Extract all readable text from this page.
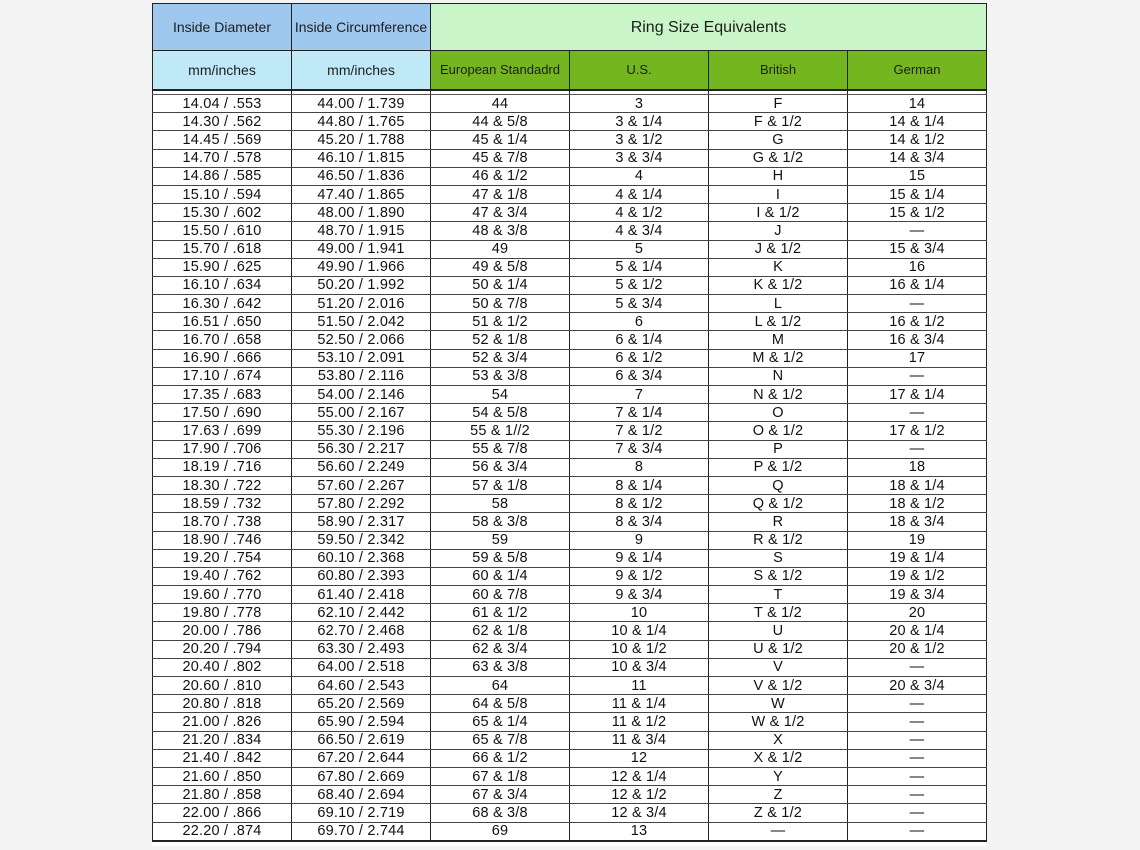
Inside Diameter	Inside Circumference	Ring Size Equivalents			
mm/inches	mm/inches	European Standadrd	U.S.	British	German

14.04 / .553	44.00 / 1.739	44	3	F	14
14.30 / .562	44.80 / 1.765	44 & 5/8	3 & 1/4	F & 1/2	14 & 1/4
14.45 / .569	45.20 / 1.788	45 & 1/4	3 & 1/2	G	14 & 1/2
14.70 / .578	46.10 / 1.815	45 & 7/8	3 & 3/4	G & 1/2	14 & 3/4
14.86 / .585	46.50 / 1.836	46 & 1/2	4	H	15
15.10 / .594	47.40 / 1.865	47 & 1/8	4 & 1/4	I	15 & 1/4
15.30 / .602	48.00 / 1.890	47 & 3/4	4 & 1/2	I & 1/2	15 & 1/2
15.50 / .610	48.70 / 1.915	48 & 3/8	4 & 3/4	J	—
15.70 / .618	49.00 / 1.941	49	5	J & 1/2	15 & 3/4
15.90 / .625	49.90 / 1.966	49 & 5/8	5 & 1/4	K	16
16.10 / .634	50.20 / 1.992	50 & 1/4	5 & 1/2	K & 1/2	16 & 1/4
16.30 / .642	51.20 / 2.016	50 & 7/8	5 & 3/4	L	—
16.51 / .650	51.50 / 2.042	51 & 1/2	6	L & 1/2	16 & 1/2
16.70 / .658	52.50 / 2.066	52 & 1/8	6 & 1/4	M	16 & 3/4
16.90 / .666	53.10 / 2.091	52 & 3/4	6 & 1/2	M & 1/2	17
17.10 / .674	53.80 / 2.116	53 & 3/8	6 & 3/4	N	—
17.35 / .683	54.00 / 2.146	54	7	N & 1/2	17 & 1/4
17.50 / .690	55.00 / 2.167	54 & 5/8	7 & 1/4	O	—
17.63 / .699	55.30 / 2.196	55 & 1//2	7 & 1/2	O & 1/2	17 & 1/2
17.90 / .706	56.30 / 2.217	55 & 7/8	7 & 3/4	P	—
18.19 / .716	56.60 / 2.249	56 & 3/4	8	P & 1/2	18
18.30 / .722	57.60 / 2.267	57 & 1/8	8 & 1/4	Q	18 & 1/4
18.59 / .732	57.80 / 2.292	58	8 & 1/2	Q & 1/2	18 & 1/2
18.70 / .738	58.90 / 2.317	58 & 3/8	8 & 3/4	R	18 & 3/4
18.90 / .746	59.50 / 2.342	59	9	R & 1/2	19
19.20 / .754	60.10 / 2.368	59 & 5/8	9 & 1/4	S	19 & 1/4
19.40 / .762	60.80 / 2.393	60 & 1/4	9 & 1/2	S & 1/2	19 & 1/2
19.60 / .770	61.40 / 2.418	60 & 7/8	9 & 3/4	T	19 & 3/4
19.80 / .778	62.10 / 2.442	61 & 1/2	10	T & 1/2	20
20.00 / .786	62.70 / 2.468	62 & 1/8	10 & 1/4	U	20 & 1/4
20.20 / .794	63.30 / 2.493	62 & 3/4	10 & 1/2	U & 1/2	20 & 1/2
20.40 / .802	64.00 / 2.518	63 & 3/8	10 & 3/4	V	—
20.60 / .810	64.60 / 2.543	64	11	V & 1/2	20 & 3/4
20.80 / .818	65.20 / 2.569	64 & 5/8	11 & 1/4	W	—
21.00 / .826	65.90 / 2.594	65 & 1/4	11 & 1/2	W & 1/2	—
21.20 / .834	66.50 / 2.619	65 & 7/8	11 & 3/4	X	—
21.40 / .842	67.20 / 2.644	66 & 1/2	12	X & 1/2	—
21.60 / .850	67.80 / 2.669	67 & 1/8	12 & 1/4	Y	—
21.80 / .858	68.40 / 2.694	67 & 3/4	12 & 1/2	Z	—
22.00 / .866	69.10 / 2.719	68 & 3/8	12 & 3/4	Z & 1/2	—
22.20 / .874	69.70 / 2.744	69	13	—	—
